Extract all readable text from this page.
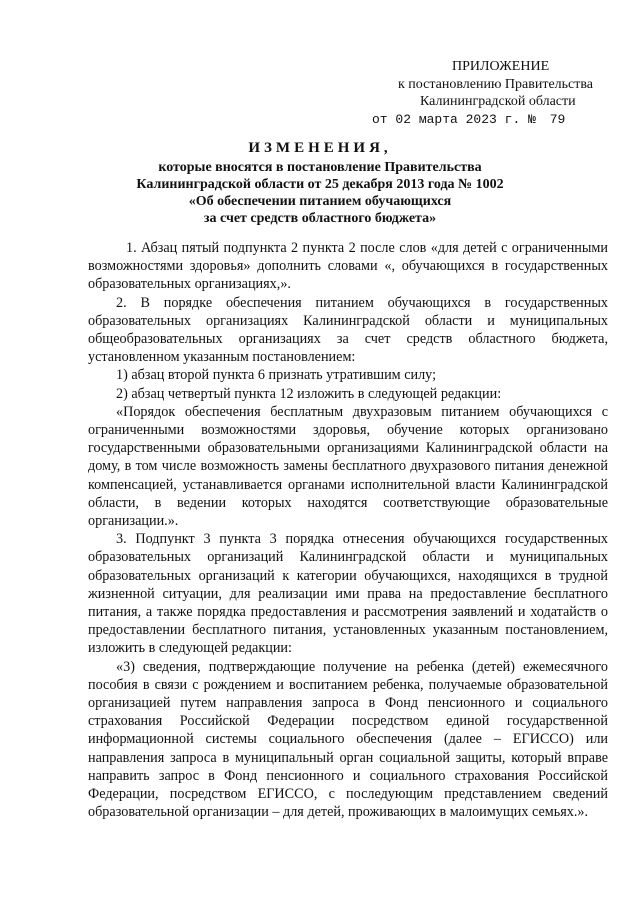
ПРИЛОЖЕНИЕ
к постановлению Правительства
Калининградской области
от 02 марта 2023 г. № 79
ИЗМЕНЕНИЯ,
которые вносятся в постановление Правительства
Калининградской области от 25 декабря 2013 года № 1002
«Об обеспечении питанием обучающихся
за счет средств областного бюджета»

1. Абзац пятый подпункта 2 пункта 2 после слов «для детей с ограниченными возможностями здоровья» дополнить словами «, обучающихся в государственных образовательных организациях,».

2. В порядке обеспечения питанием обучающихся в государственных образовательных организациях Калининградской области и муниципальных общеобразовательных организациях за счет средств областного бюджета, установленном указанным постановлением:

1) абзац второй пункта 6 признать утратившим силу;

2) абзац четвертый пункта 12 изложить в следующей редакции:

«Порядок обеспечения бесплатным двухразовым питанием обучающихся с ограниченными возможностями здоровья, обучение которых организовано государственными образовательными организациями Калининградской области на дому, в том числе возможность замены бесплатного двухразового питания денежной компенсацией, устанавливается органами исполнительной власти Калининградской области, в ведении которых находятся соответствующие образовательные организации.».

3. Подпункт 3 пункта 3 порядка отнесения обучающихся государственных образовательных организаций Калининградской области и муниципальных образовательных организаций к категории обучающихся, находящихся в трудной жизненной ситуации, для реализации ими права на предоставление бесплатного питания, а также порядка предоставления и рассмотрения заявлений и ходатайств о предоставлении бесплатного питания, установленных указанным постановлением, изложить в следующей редакции:

«3) сведения, подтверждающие получение на ребенка (детей) ежемесячного пособия в связи с рождением и воспитанием ребенка, получаемые образовательной организацией путем направления запроса в Фонд пенсионного и социального страхования Российской Федерации посредством единой государственной информационной системы социального обеспечения (далее – ЕГИССО) или направления запроса в муниципальный орган социальной защиты, который вправе направить запрос в Фонд пенсионного и социального страхования Российской Федерации, посредством ЕГИССО, с последующим представлением сведений образовательной организации – для детей, проживающих в малоимущих семьях.».
